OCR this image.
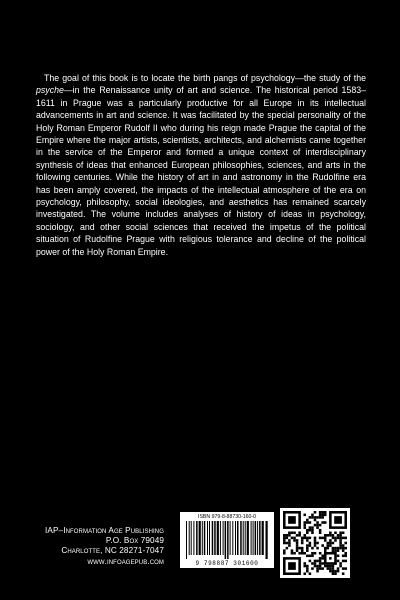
The goal of this book is to locate the birth pangs of psychology—the study of the psyche—in the Renaissance unity of art and science. The historical period 1583–1611 in Prague was a particularly productive for all Europe in its intellectual advancements in art and science. It was facilitated by the special personality of the Holy Roman Emperor Rudolf II who during his reign made Prague the capital of the Empire where the major artists, scientists, architects, and alchemists came together in the service of the Emperor and formed a unique context of interdisciplinary synthesis of ideas that enhanced European philosophies, sciences, and arts in the following centuries. While the history of art in and astronomy in the Rudolfine era has been amply covered, the impacts of the intellectual atmosphere of the era on psychology, philosophy, social ideologies, and aesthetics has remained scarcely investigated. The volume includes analyses of history of ideas in psychology, sociology, and other social sciences that received the impetus of the political situation of Rudolfine Prague with religious tolerance and decline of the political power of the Holy Roman Empire.

IAP–Information Age Publishing
P.O. Box 79049
Charlotte, NC 28271-7047
www.infoagepub.com
ISBN 979-8-88730-160-0
9 798887 301600
